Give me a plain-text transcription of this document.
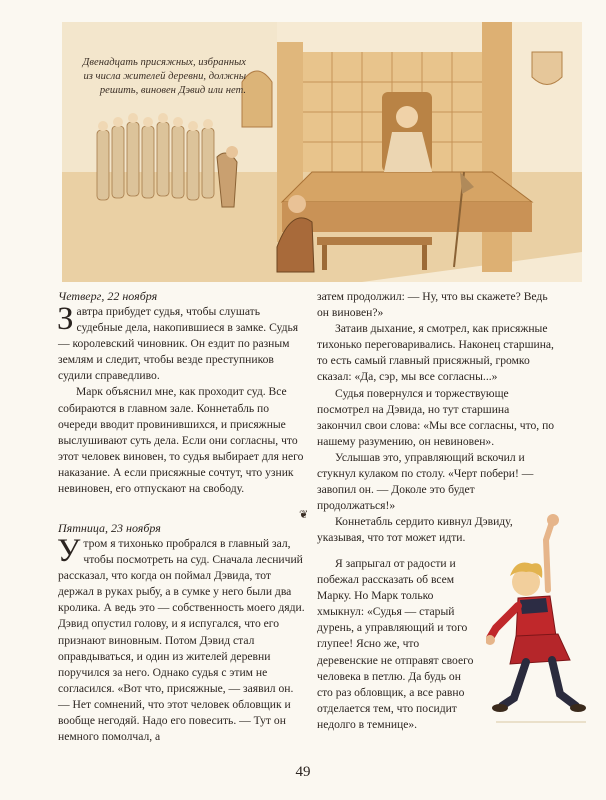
Двенадцать присяжных, избранных из числа жителей деревни, должны решить, виновен Дэвид или нет.

Четверг, 22 ноября

Завтра прибудет судья, чтобы слушать судебные дела, накопившиеся в замке. Судья — королевский чиновник. Он ездит по разным землям и следит, чтобы везде преступников судили справедливо.

Марк объяснил мне, как проходит суд. Все собираются в главном зале. Коннетабль по очереди вводит провинившихся, и присяжные выслушивают суть дела. Если они согласны, что этот человек виновен, то судья выбирает для него наказание. А если присяжные сочтут, что узник невиновен, его отпускают на свободу.

Пятница, 23 ноября

Утром я тихонько пробрался в главный зал, чтобы посмотреть на суд. Сначала лесничий рассказал, что когда он поймал Дэвида, тот держал в руках рыбу, а в сумке у него были два кролика. А ведь это — собственность моего дяди. Дэвид опустил голову, и я испугался, что его признают виновным. Потом Дэвид стал оправдываться, и один из жителей деревни поручился за него. Однако судья с этим не согласился. «Вот что, присяжные, — заявил он. — Нет сомнений, что этот человек обловщик и вообще негодяй. Надо его повесить. — Тут он немного помолчал, а

❦

затем продолжил: — Ну, что вы скажете? Ведь он виновен?»

Затаив дыхание, я смотрел, как присяжные тихонько переговаривались. Наконец старшина, то есть самый главный присяжный, громко сказал: «Да, сэр, мы все согласны...»

Судья повернулся и торжествующе посмотрел на Дэвида, но тут старшина закончил свои слова: «Мы все согласны, что, по нашему разумению, он невиновен».

Услышав это, управляющий вскочил и стукнул кулаком по столу. «Черт побери! — завопил он. — Доколе это будет продолжаться!»

Коннетабль сердито кивнул Дэвиду, указывая, что тот может идти.

Я запрыгал от радости и побежал рассказать об всем Марку. Но Марк только хмыкнул: «Судья — старый дурень, а управляющий и того глупее! Ясно же, что деревенские не отправят своего человека в петлю. Да будь он сто раз обловщик, а все равно отделается тем, что посидит недолго в темнице».

49
